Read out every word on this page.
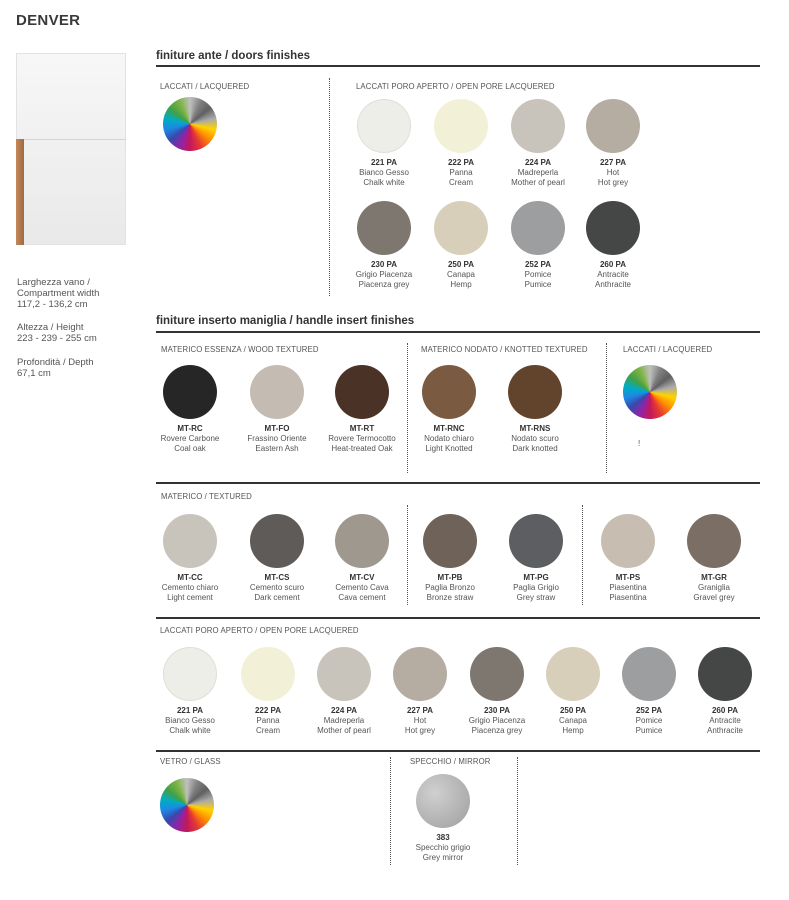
DENVER
Larghezza vano / Compartment width
117,2 - 136,2 cm
Altezza / Height
223 - 239 - 255 cm
Profondità / Depth
67,1 cm
finiture ante / doors finishes
LACCATI / LACQUERED	LACCATI PORO APERTO / OPEN PORE LACQUERED
221 PA
Bianco Gesso
Chalk white
222 PA
Panna
Cream
224 PA
Madreperla
Mother of pearl
227 PA
Hot
Hot grey
230 PA
Grigio Piacenza
Piacenza grey
250 PA
Canapa
Hemp
252 PA
Pomice
Pumice
260 PA
Antracite
Anthracite
finiture inserto maniglia / handle insert finishes
MATERICO ESSENZA / WOOD TEXTURED	MATERICO NODATO / KNOTTED TEXTURED	LACCATI / LACQUERED
MT-RC
Rovere Carbone
Coal oak
MT-FO
Frassino Oriente
Eastern Ash
MT-RT
Rovere Termocotto
Heat-treated Oak
MT-RNC
Nodato chiaro
Light Knotted
MT-RNS
Nodato scuro
Dark knotted
!
MATERICO / TEXTURED
MT-CC
Cemento chiaro
Light cement
MT-CS
Cemento scuro
Dark cement
MT-CV
Cemento Cava
Cava cement
MT-PB
Paglia Bronzo
Bronze straw
MT-PG
Paglia Grigio
Grey straw
MT-PS
Piasentina
Piasentina
MT-GR
Graniglia
Gravel grey
LACCATI PORO APERTO / OPEN PORE LACQUERED
221 PA
Bianco Gesso
Chalk white
222 PA
Panna
Cream
224 PA
Madreperla
Mother of pearl
227 PA
Hot
Hot grey
230 PA
Grigio Piacenza
Piacenza grey
250 PA
Canapa
Hemp
252 PA
Pomice
Pumice
260 PA
Antracite
Anthracite
VETRO / GLASS	SPECCHIO / MIRROR
383
Specchio grigio
Grey mirror
